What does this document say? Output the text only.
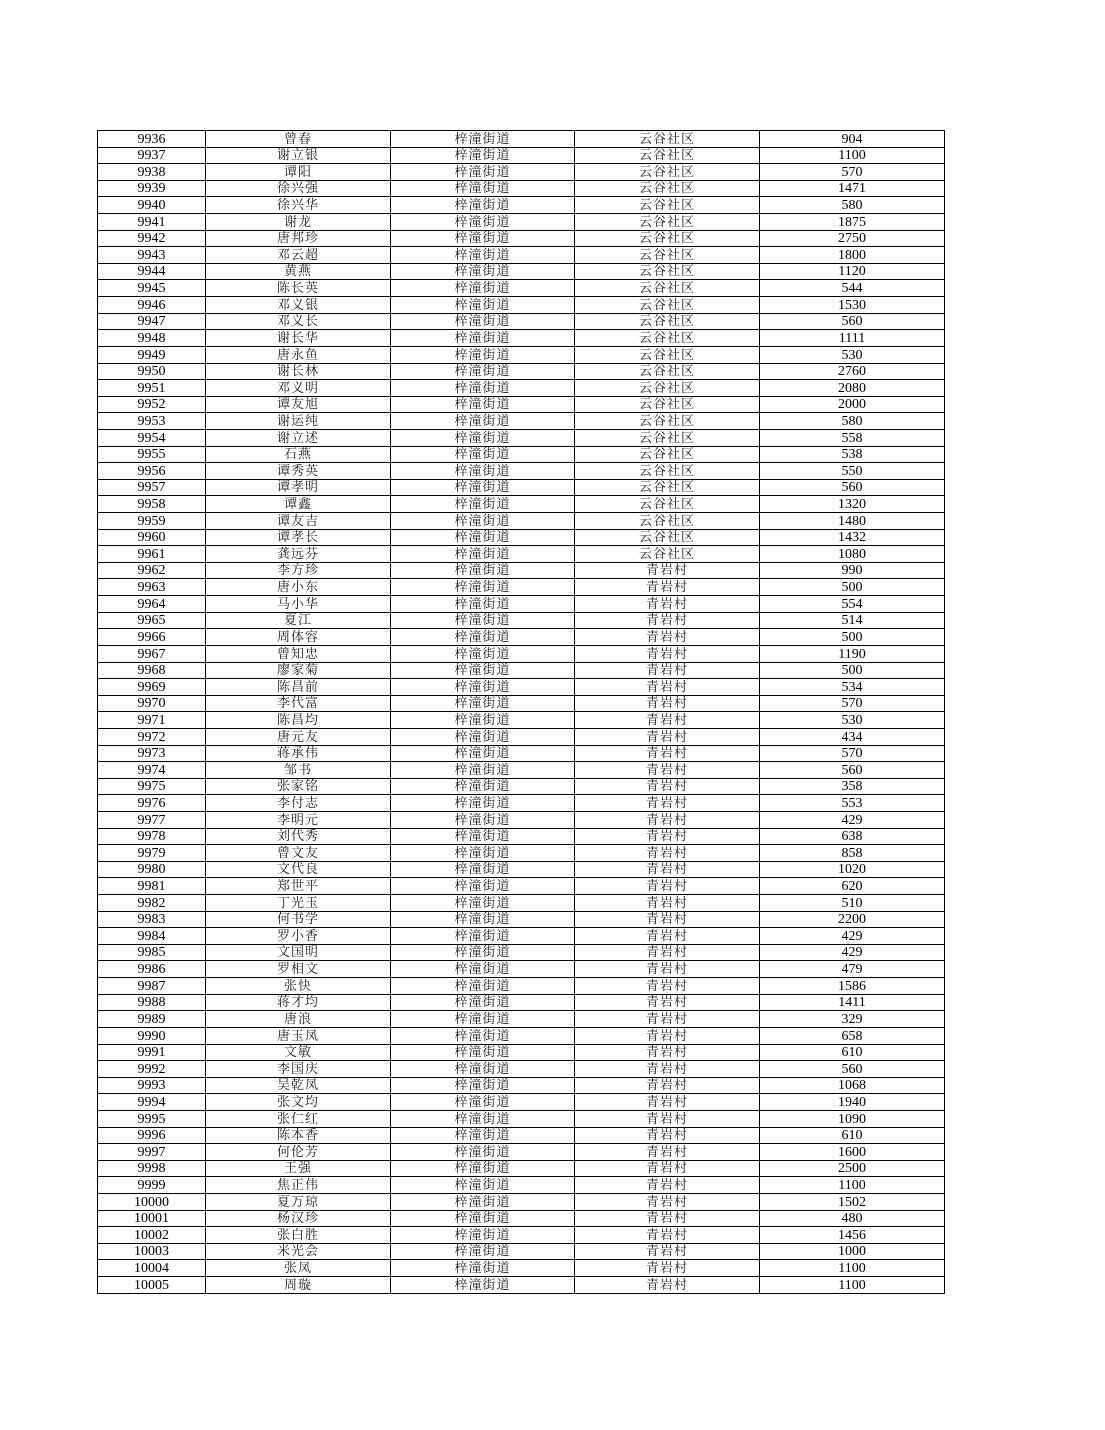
9936	曾春	梓潼街道	云谷社区	904
9937	谢立银	梓潼街道	云谷社区	1100
9938	谭阳	梓潼街道	云谷社区	570
9939	徐兴强	梓潼街道	云谷社区	1471
9940	徐兴华	梓潼街道	云谷社区	580
9941	谢龙	梓潼街道	云谷社区	1875
9942	唐邦珍	梓潼街道	云谷社区	2750
9943	邓云超	梓潼街道	云谷社区	1800
9944	黄燕	梓潼街道	云谷社区	1120
9945	陈长英	梓潼街道	云谷社区	544
9946	邓义银	梓潼街道	云谷社区	1530
9947	邓义长	梓潼街道	云谷社区	560
9948	谢长华	梓潼街道	云谷社区	1111
9949	唐永鱼	梓潼街道	云谷社区	530
9950	谢长林	梓潼街道	云谷社区	2760
9951	邓义明	梓潼街道	云谷社区	2080
9952	谭友旭	梓潼街道	云谷社区	2000
9953	谢运纯	梓潼街道	云谷社区	580
9954	谢立述	梓潼街道	云谷社区	558
9955	石燕	梓潼街道	云谷社区	538
9956	谭秀英	梓潼街道	云谷社区	550
9957	谭孝明	梓潼街道	云谷社区	560
9958	谭鑫	梓潼街道	云谷社区	1320
9959	谭友吉	梓潼街道	云谷社区	1480
9960	谭孝长	梓潼街道	云谷社区	1432
9961	龚远芬	梓潼街道	云谷社区	1080
9962	李方珍	梓潼街道	青岩村	990
9963	唐小东	梓潼街道	青岩村	500
9964	马小华	梓潼街道	青岩村	554
9965	夏江	梓潼街道	青岩村	514
9966	周体容	梓潼街道	青岩村	500
9967	曾知忠	梓潼街道	青岩村	1190
9968	廖家菊	梓潼街道	青岩村	500
9969	陈昌前	梓潼街道	青岩村	534
9970	李代富	梓潼街道	青岩村	570
9971	陈昌均	梓潼街道	青岩村	530
9972	唐元友	梓潼街道	青岩村	434
9973	蒋承伟	梓潼街道	青岩村	570
9974	邹书	梓潼街道	青岩村	560
9975	张家铭	梓潼街道	青岩村	358
9976	李付志	梓潼街道	青岩村	553
9977	李明元	梓潼街道	青岩村	429
9978	刘代秀	梓潼街道	青岩村	638
9979	曾文友	梓潼街道	青岩村	858
9980	文代良	梓潼街道	青岩村	1020
9981	郑世平	梓潼街道	青岩村	620
9982	丁光玉	梓潼街道	青岩村	510
9983	何书学	梓潼街道	青岩村	2200
9984	罗小香	梓潼街道	青岩村	429
9985	文国明	梓潼街道	青岩村	429
9986	罗相文	梓潼街道	青岩村	479
9987	张快	梓潼街道	青岩村	1586
9988	蒋才均	梓潼街道	青岩村	1411
9989	唐浪	梓潼街道	青岩村	329
9990	唐玉凤	梓潼街道	青岩村	658
9991	文敏	梓潼街道	青岩村	610
9992	李国庆	梓潼街道	青岩村	560
9993	吴乾凤	梓潼街道	青岩村	1068
9994	张文均	梓潼街道	青岩村	1940
9995	张仁红	梓潼街道	青岩村	1090
9996	陈本香	梓潼街道	青岩村	610
9997	何伦芳	梓潼街道	青岩村	1600
9998	王强	梓潼街道	青岩村	2500
9999	焦正伟	梓潼街道	青岩村	1100
10000	夏万琼	梓潼街道	青岩村	1502
10001	杨汉珍	梓潼街道	青岩村	480
10002	张白胜	梓潼街道	青岩村	1456
10003	米光会	梓潼街道	青岩村	1000
10004	张凤	梓潼街道	青岩村	1100
10005	周璇	梓潼街道	青岩村	1100
